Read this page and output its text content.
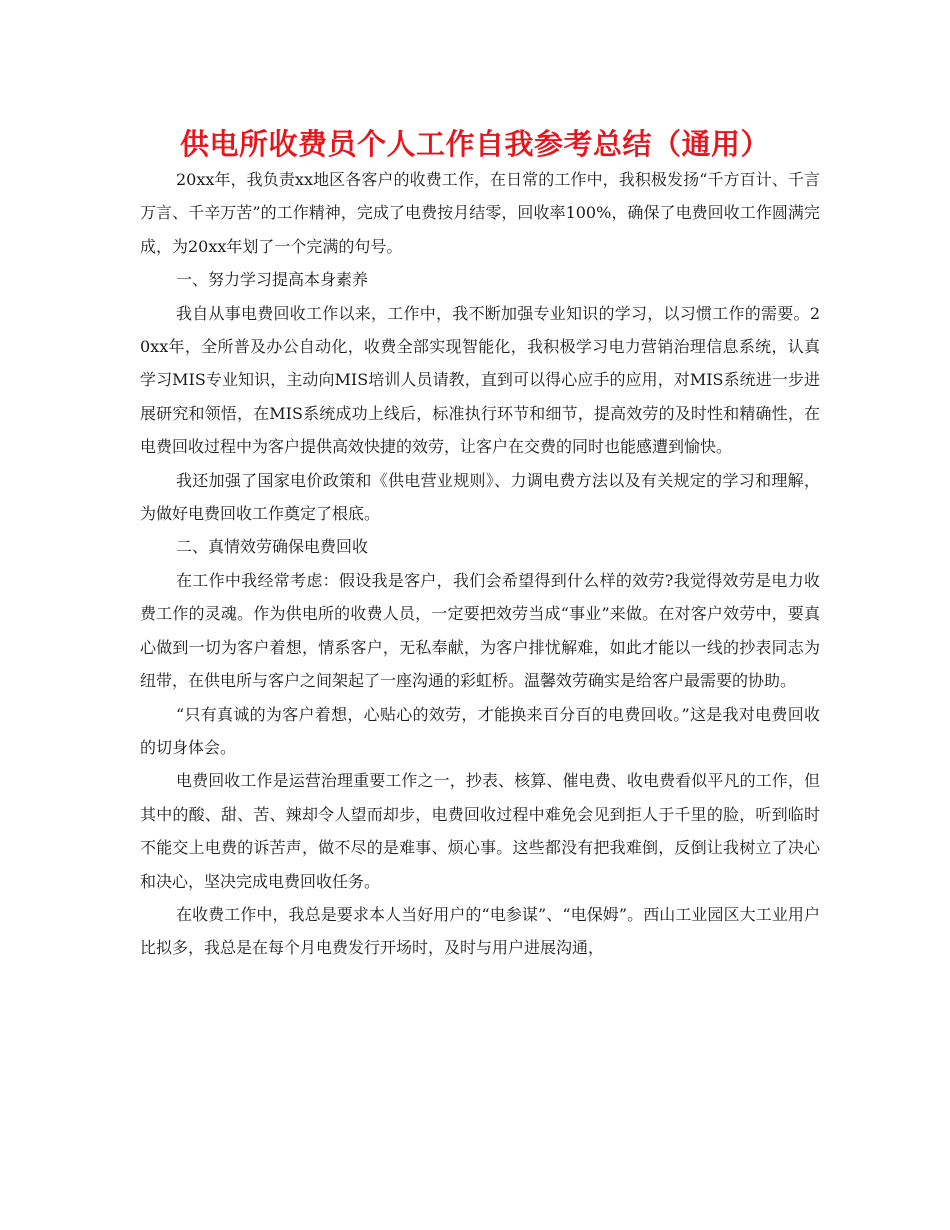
供电所收费员个人工作自我参考总结（通用）

20xx年，我负责xx地区各客户的收费工作，在日常的工作中，我积极发扬“千方百计、千言万言、千辛万苦”的工作精神，完成了电费按月结零，回收率100%，确保了电费回收工作圆满完成，为20xx年划了一个完满的句号。

一、努力学习提高本身素养

我自从事电费回收工作以来，工作中，我不断加强专业知识的学习，以习惯工作的需要。20xx年，全所普及办公自动化，收费全部实现智能化，我积极学习电力营销治理信息系统，认真学习MIS专业知识，主动向MIS培训人员请教，直到可以得心应手的应用，对MIS系统进一步进展研究和领悟，在MIS系统成功上线后，标准执行环节和细节，提高效劳的及时性和精确性，在电费回收过程中为客户提供高效快捷的效劳，让客户在交费的同时也能感遭到愉快。

我还加强了国家电价政策和《供电营业规则》、力调电费方法以及有关规定的学习和理解，为做好电费回收工作奠定了根底。

二、真情效劳确保电费回收

在工作中我经常考虑：假设我是客户，我们会希望得到什么样的效劳?我觉得效劳是电力收费工作的灵魂。作为供电所的收费人员，一定要把效劳当成“事业”来做。在对客户效劳中，要真心做到一切为客户着想，情系客户，无私奉献，为客户排忧解难，如此才能以一线的抄表同志为纽带，在供电所与客户之间架起了一座沟通的彩虹桥。温馨效劳确实是给客户最需要的协助。

“只有真诚的为客户着想，心贴心的效劳，才能换来百分百的电费回收。”这是我对电费回收的切身体会。

电费回收工作是运营治理重要工作之一，抄表、核算、催电费、收电费看似平凡的工作，但其中的酸、甜、苦、辣却令人望而却步，电费回收过程中难免会见到拒人于千里的脸，听到临时不能交上电费的诉苦声，做不尽的是难事、烦心事。这些都没有把我难倒，反倒让我树立了决心和决心，坚决完成电费回收任务。

在收费工作中，我总是要求本人当好用户的“电参谋”、“电保姆”。西山工业园区大工业用户比拟多，我总是在每个月电费发行开场时，及时与用户进展沟通，
